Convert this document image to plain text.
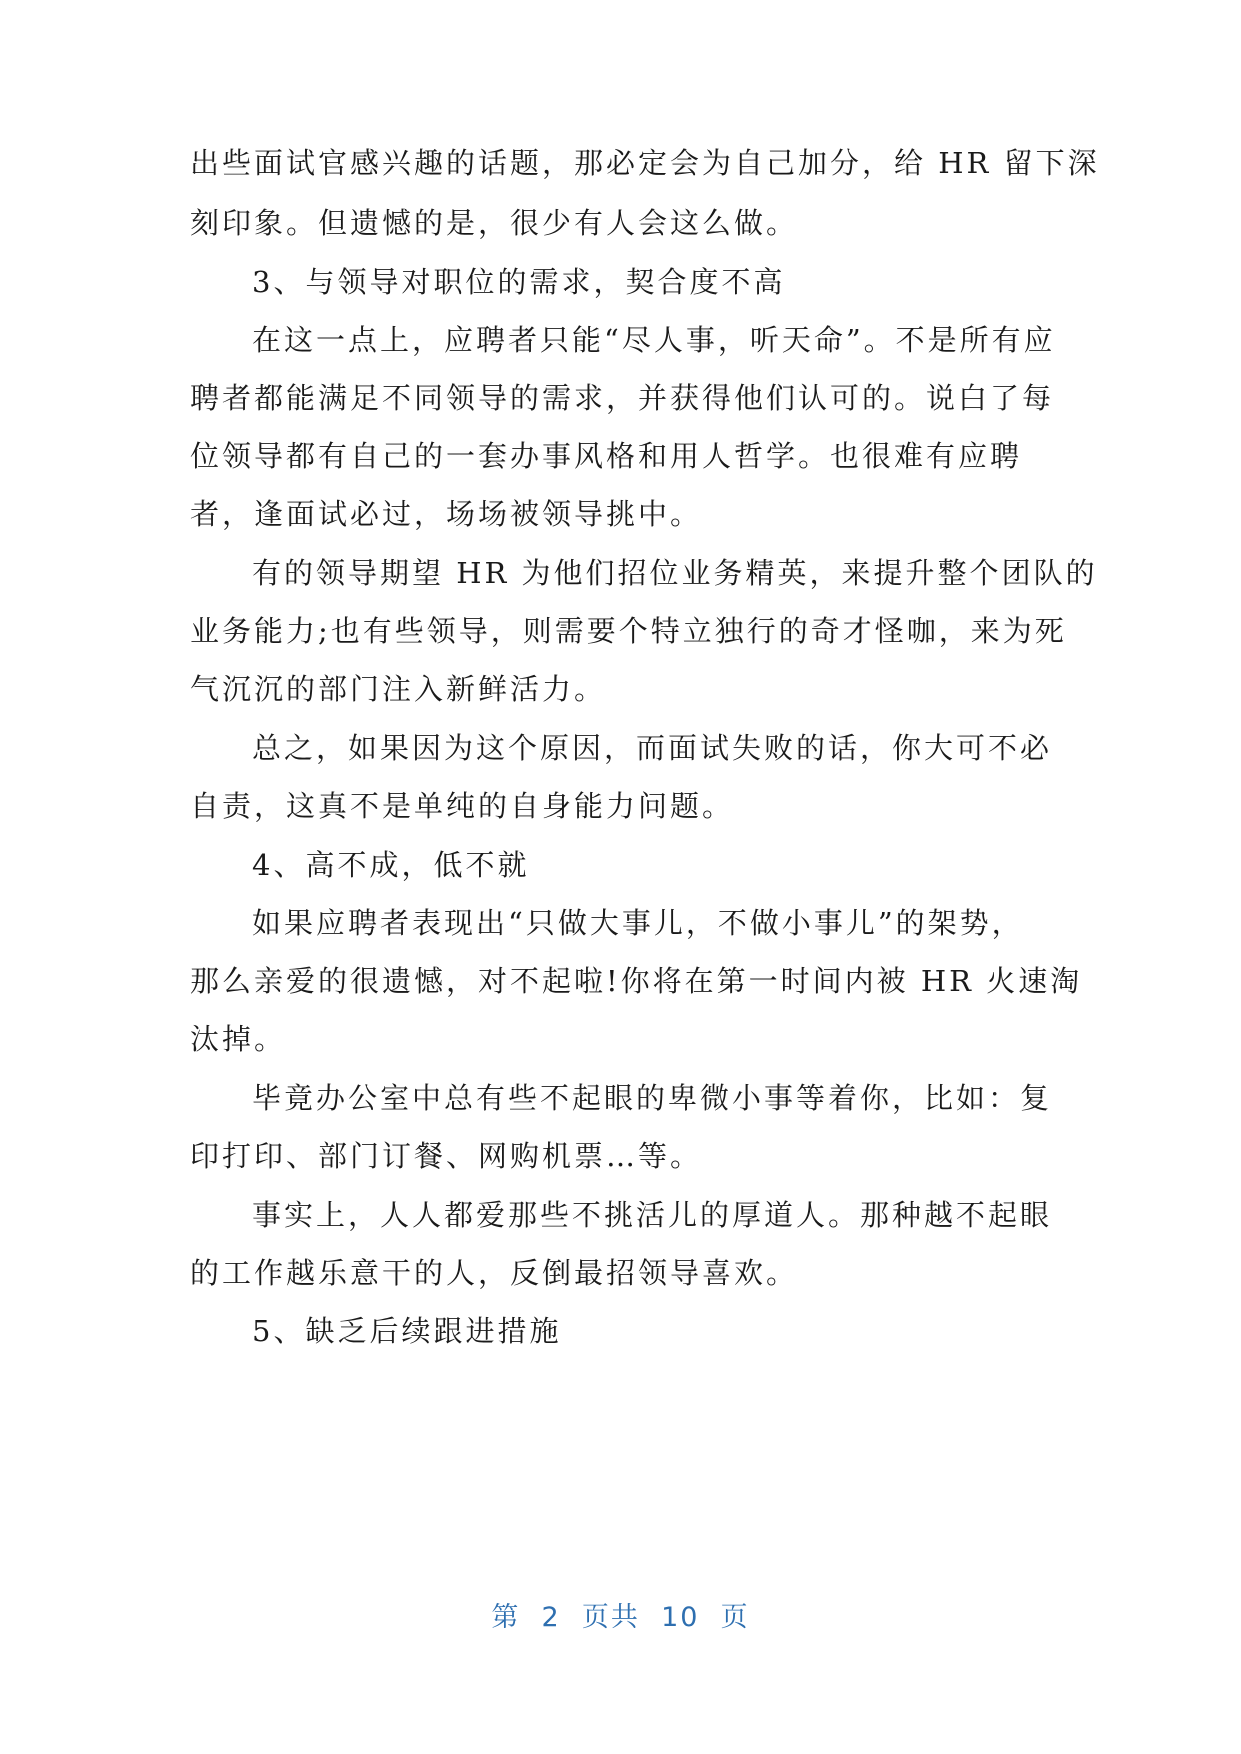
出些面试官感兴趣的话题，那必定会为自己加分，给 HR 留下深
刻印象。但遗憾的是，很少有人会这么做。
3、与领导对职位的需求，契合度不高
在这一点上，应聘者只能“尽人事，听天命”。不是所有应
聘者都能满足不同领导的需求，并获得他们认可的。说白了每
位领导都有自己的一套办事风格和用人哲学。也很难有应聘
者，逢面试必过，场场被领导挑中。
有的领导期望 HR 为他们招位业务精英，来提升整个团队的
业务能力;也有些领导，则需要个特立独行的奇才怪咖，来为死
气沉沉的部门注入新鲜活力。
总之，如果因为这个原因，而面试失败的话，你大可不必
自责，这真不是单纯的自身能力问题。
4、高不成，低不就
如果应聘者表现出“只做大事儿，不做小事儿”的架势，
那么亲爱的很遗憾，对不起啦!你将在第一时间内被 HR 火速淘
汰掉。
毕竟办公室中总有些不起眼的卑微小事等着你，比如：复
印打印、部门订餐、网购机票…等。
事实上，人人都爱那些不挑活儿的厚道人。那种越不起眼
的工作越乐意干的人，反倒最招领导喜欢。
5、缺乏后续跟进措施
第  2  页共  10  页
